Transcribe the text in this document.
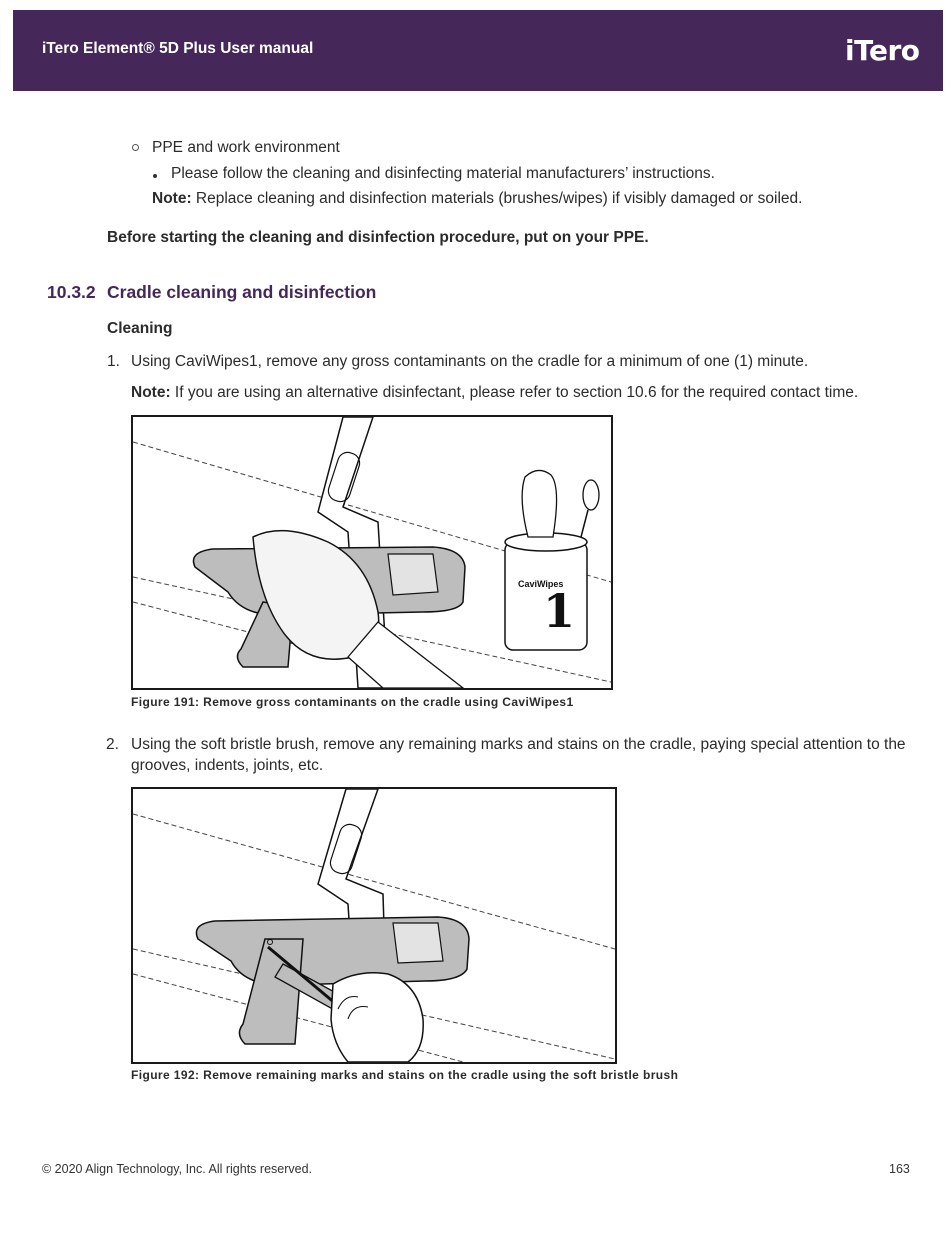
iTero Element® 5D Plus User manual	iTero
PPE and work environment
Please follow the cleaning and disinfecting material manufacturers’ instructions.
Note: Replace cleaning and disinfection materials (brushes/wipes) if visibly damaged or soiled.
Before starting the cleaning and disinfection procedure, put on your PPE.
10.3.2 Cradle cleaning and disinfection
Cleaning
1. Using CaviWipes1, remove any gross contaminants on the cradle for a minimum of one (1) minute.
Note: If you are using an alternative disinfectant, please refer to section 10.6 for the required contact time.
CaviWipes
1
Figure 191: Remove gross contaminants on the cradle using CaviWipes1
2. Using the soft bristle brush, remove any remaining marks and stains on the cradle, paying special attention to the
grooves, indents, joints, etc.
Figure 192: Remove remaining marks and stains on the cradle using the soft bristle brush
© 2020 Align Technology, Inc. All rights reserved.	163
